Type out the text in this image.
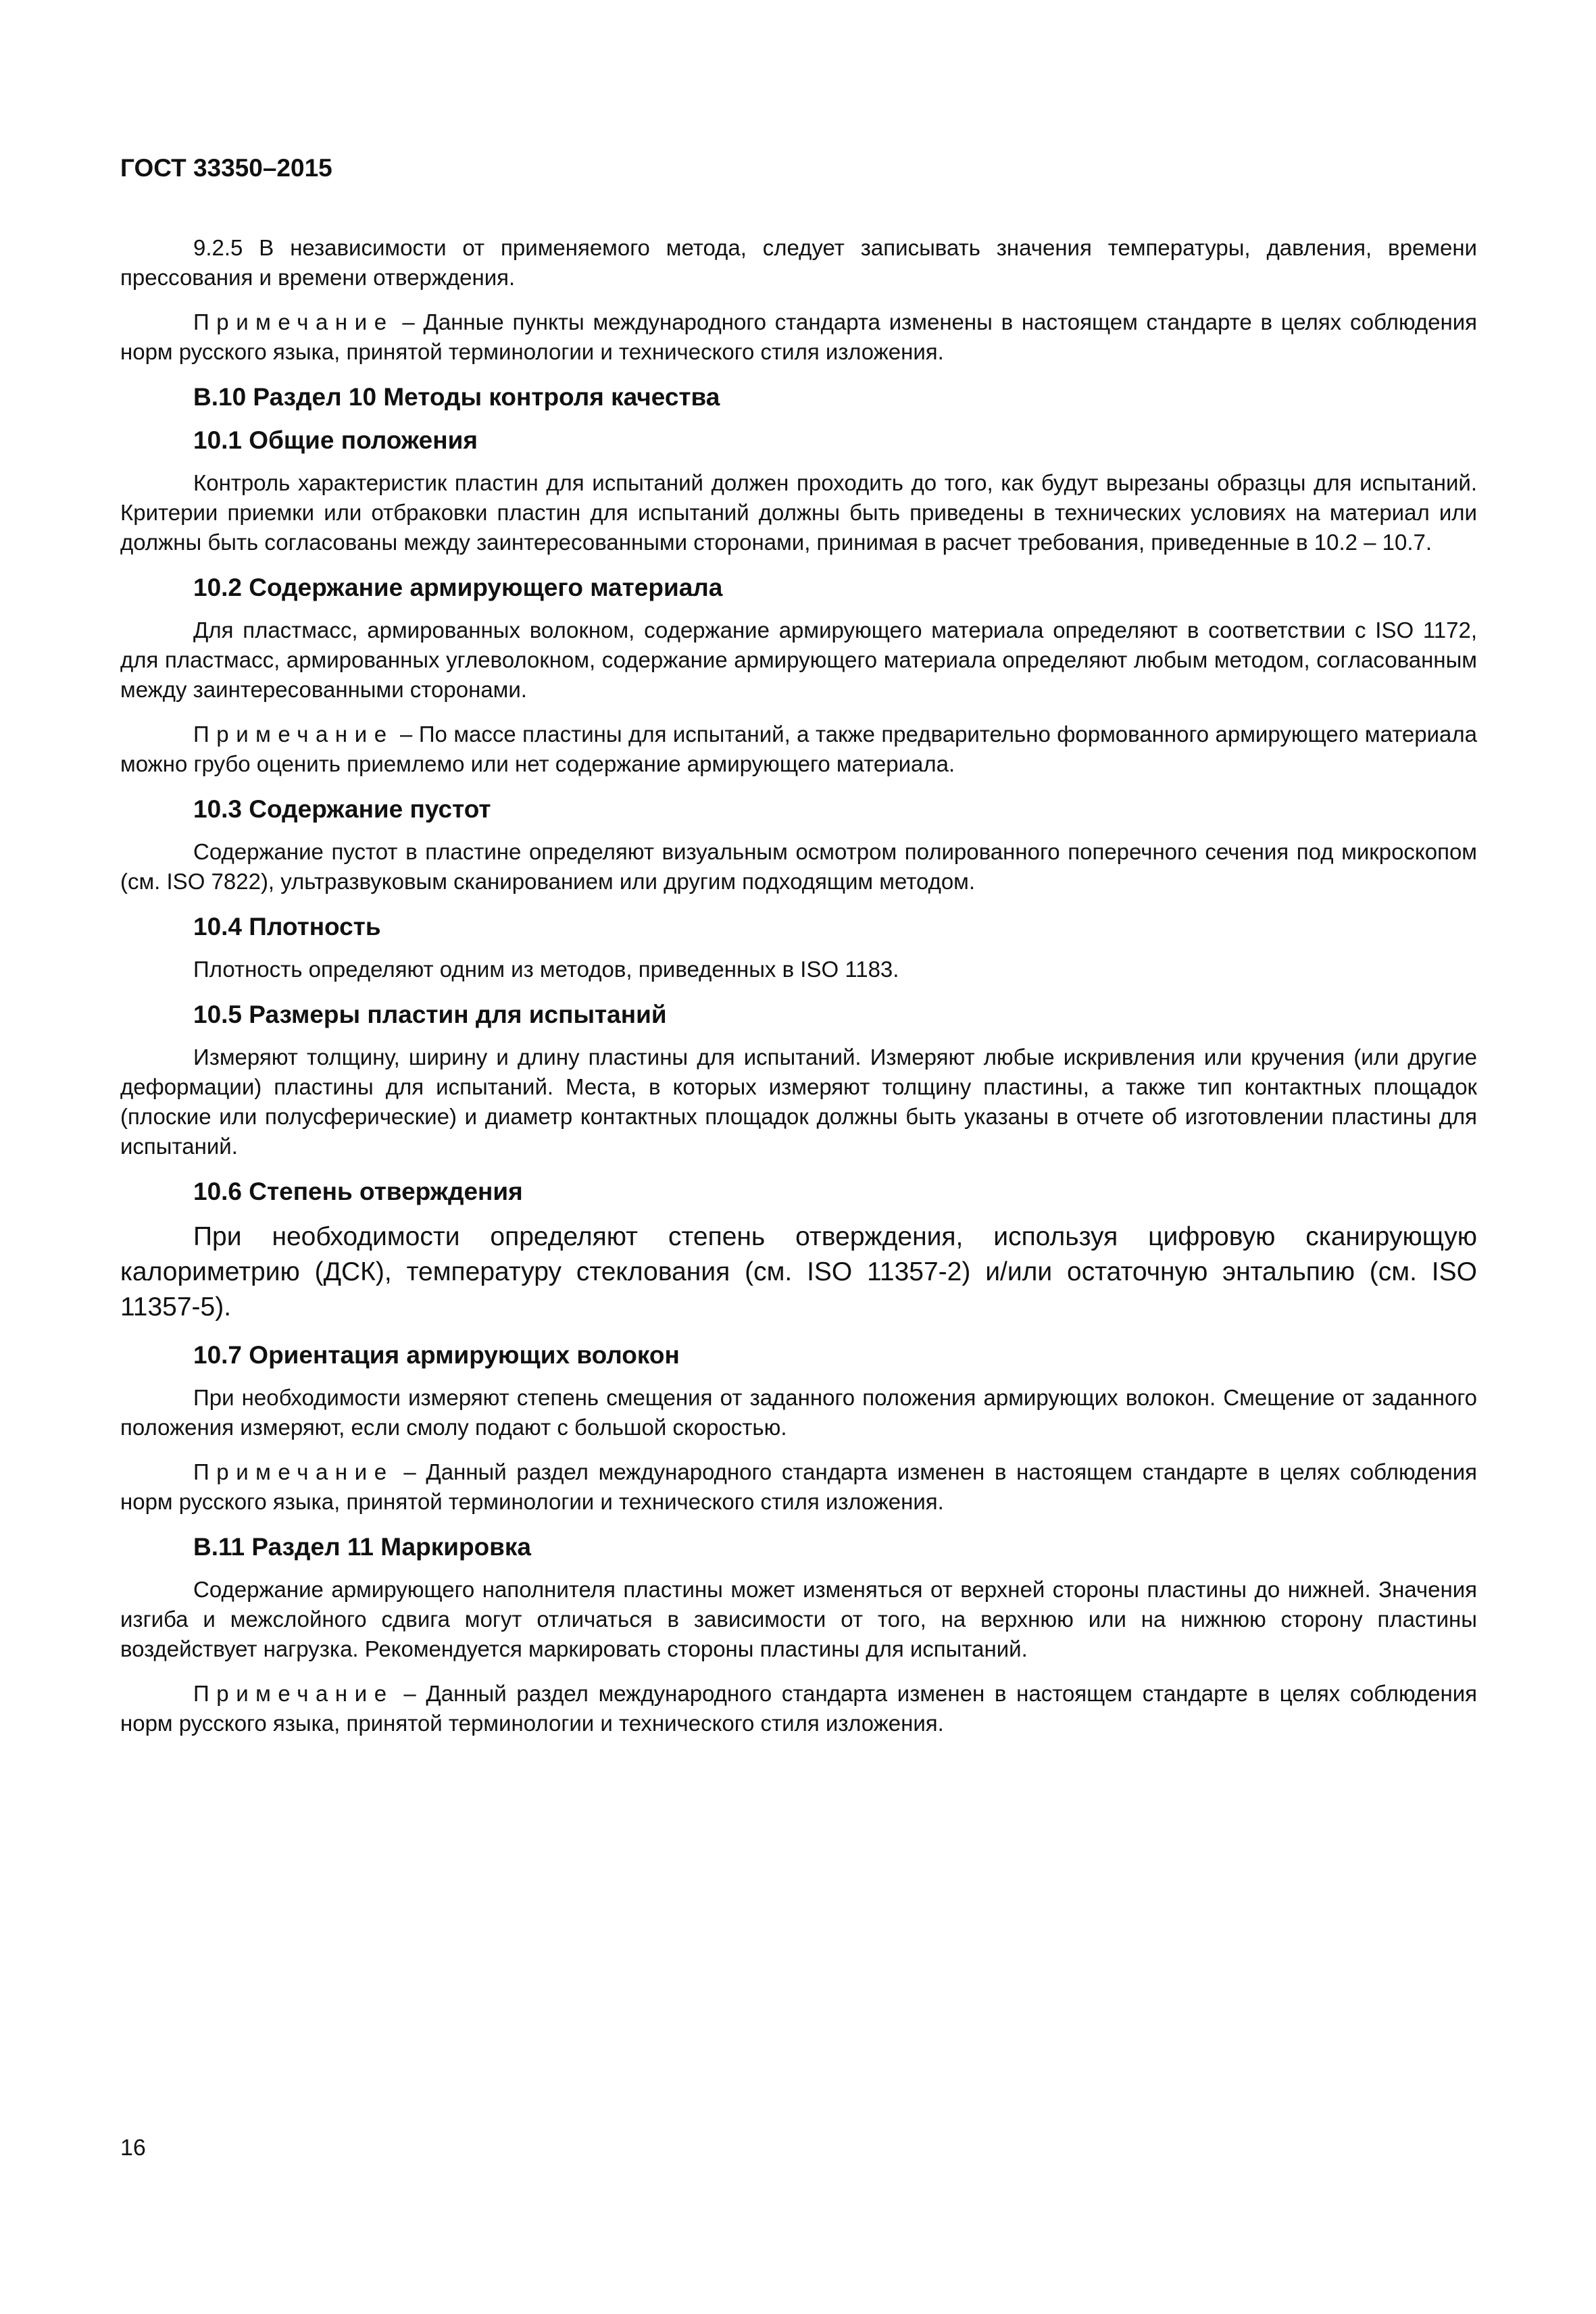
ГОСТ 33350–2015

9.2.5 В независимости от применяемого метода, следует записывать значения температуры, давления, времени прессования и времени отверждения.

Примечание – Данные пункты международного стандарта изменены в настоящем стандарте в целях соблюдения норм русского языка, принятой терминологии и технического стиля изложения.

В.10 Раздел 10 Методы контроля качества
10.1 Общие положения

Контроль характеристик пластин для испытаний должен проходить до того, как будут вырезаны образцы для испытаний. Критерии приемки или отбраковки пластин для испытаний должны быть приведены в технических условиях на материал или должны быть согласованы между заинтересованными сторонами, принимая в расчет требования, приведенные в 10.2 – 10.7.

10.2 Содержание армирующего материала

Для пластмасс, армированных волокном, содержание армирующего материала определяют в соответствии с ISO 1172, для пластмасс, армированных углеволокном, содержание армирующего материала определяют любым методом, согласованным между заинтересованными сторонами.

Примечание – По массе пластины для испытаний, а также предварительно формованного армирующего материала можно грубо оценить приемлемо или нет содержание армирующего материала.

10.3 Содержание пустот

Содержание пустот в пластине определяют визуальным осмотром полированного поперечного сечения под микроскопом (см. ISO 7822), ультразвуковым сканированием или другим подходящим методом.

10.4 Плотность

Плотность определяют одним из методов, приведенных в ISO 1183.

10.5 Размеры пластин для испытаний

Измеряют толщину, ширину и длину пластины для испытаний. Измеряют любые искривления или кручения (или другие деформации) пластины для испытаний. Места, в которых измеряют толщину пластины, а также тип контактных площадок (плоские или полусферические) и диаметр контактных площадок должны быть указаны в отчете об изготовлении пластины для испытаний.

10.6 Степень отверждения

При необходимости определяют степень отверждения, используя цифровую сканирующую калориметрию (ДСК), температуру стеклования (см. ISO 11357-2) и/или остаточную энтальпию (см. ISO 11357-5).

10.7 Ориентация армирующих волокон

При необходимости измеряют степень смещения от заданного положения армирующих волокон. Смещение от заданного положения измеряют, если смолу подают с большой скоростью.

Примечание – Данный раздел международного стандарта изменен в настоящем стандарте в целях соблюдения норм русского языка, принятой терминологии и технического стиля изложения.

В.11 Раздел 11 Маркировка

Содержание армирующего наполнителя пластины может изменяться от верхней стороны пластины до нижней. Значения изгиба и межслойного сдвига могут отличаться в зависимости от того, на верхнюю или на нижнюю сторону пластины воздействует нагрузка. Рекомендуется маркировать стороны пластины для испытаний.

Примечание – Данный раздел международного стандарта изменен в настоящем стандарте в целях соблюдения норм русского языка, принятой терминологии и технического стиля изложения.

16
